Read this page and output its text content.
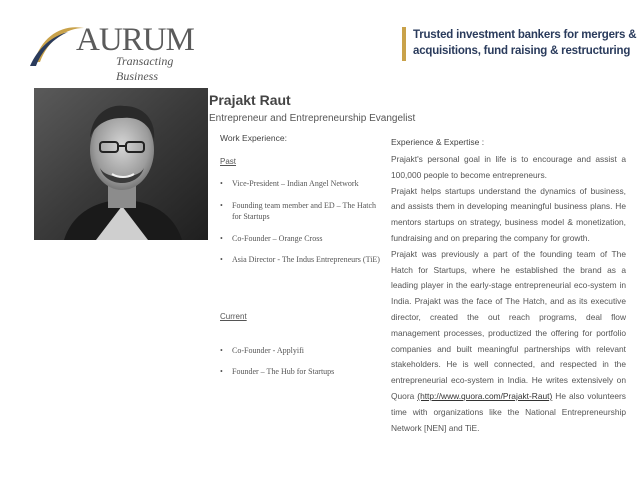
AURUM
Transacting Business
Trusted investment bankers for mergers &
acquisitions, fund raising & restructuring
Prajakt Raut
Entrepreneur and Entrepreneurship Evangelist
Work Experience:
Past
• Vice-President – Indian Angel Network
• Founding team member and ED – The Hatch for Startups
• Co-Founder – Orange Cross
• Asia Director - The Indus Entrepreneurs (TiE)
Current
• Co-Founder - Applyifi
• Founder – The Hub for Startups
Experience & Expertise :

Prajakt's personal goal in life is to encourage and assist a 100,000 people to become entrepreneurs.

Prajakt helps startups understand the dynamics of business, and assists them in developing meaningful business plans. He mentors startups on strategy, business model & monetization, fundraising and on preparing the company for growth.

Prajakt was previously a part of the founding team of The Hatch for Startups, where he established the brand as a leading player in the early-stage entrepreneurial eco-system in India. Prajakt was the face of The Hatch, and as its executive director, created the out reach programs, deal flow management processes, productized the offering for portfolio companies and built meaningful partnerships with relevant stakeholders. He is well connected, and respected in the entrepreneurial eco-system in India. He writes extensively on Quora (http://www.quora.com/Prajakt-Raut) He also volunteers time with organizations like the National Entrepreneurship Network [NEN] and TiE.
